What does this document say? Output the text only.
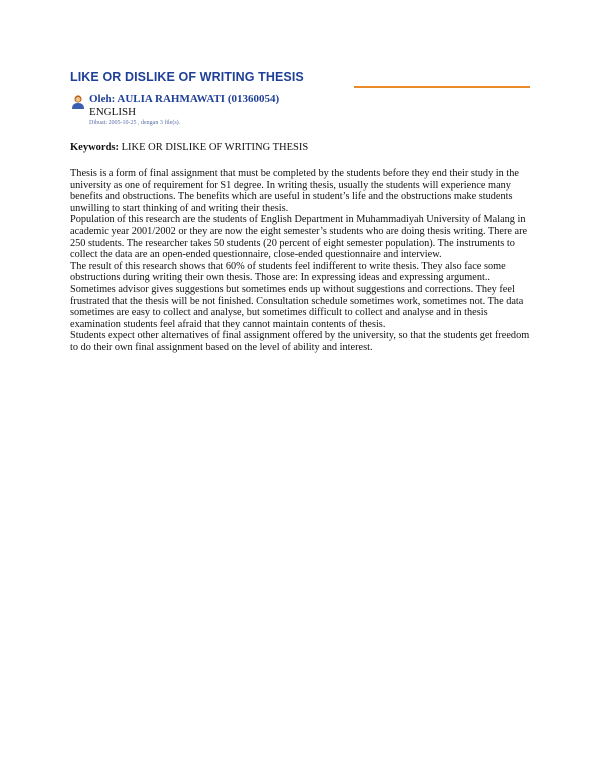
LIKE OR DISLIKE OF WRITING THESIS
Oleh: AULIA RAHMAWATI (01360054)
ENGLISH
Dibuat: 2005-10-25 , dengan 3 file(s).
Keywords: LIKE OR DISLIKE OF WRITING THESIS

Thesis is a form of final assignment that must be completed by the students before they end their study in the university as one of requirement for S1 degree. In writing thesis, usually the students will experience many benefits and obstructions. The benefits which are useful in student’s life and the obstructions make students unwilling to start thinking of and writing their thesis.

Population of this research are the students of English Department in Muhammadiyah University of Malang in academic year 2001/2002 or they are now the eight semester’s students who are doing thesis writing. There are 250 students. The researcher takes 50 students (20 percent of eight semester population). The instruments to collect the data are an open-ended questionnaire, close-ended questionnaire and interview.

The result of this research shows that 60% of students feel indifferent to write thesis. They also face some obstructions during writing their own thesis. Those are: In expressing ideas and expressing argument.. Sometimes advisor gives suggestions but sometimes ends up without suggestions and corrections. They feel frustrated that the thesis will be not finished. Consultation schedule sometimes work, sometimes not. The data sometimes are easy to collect and analyse, but sometimes difficult to collect and analyse and in thesis examination students feel afraid that they cannot maintain contents of thesis.

Students expect other alternatives of final assignment offered by the university, so that the students get freedom to do their own final assignment based on the level of ability and interest.
